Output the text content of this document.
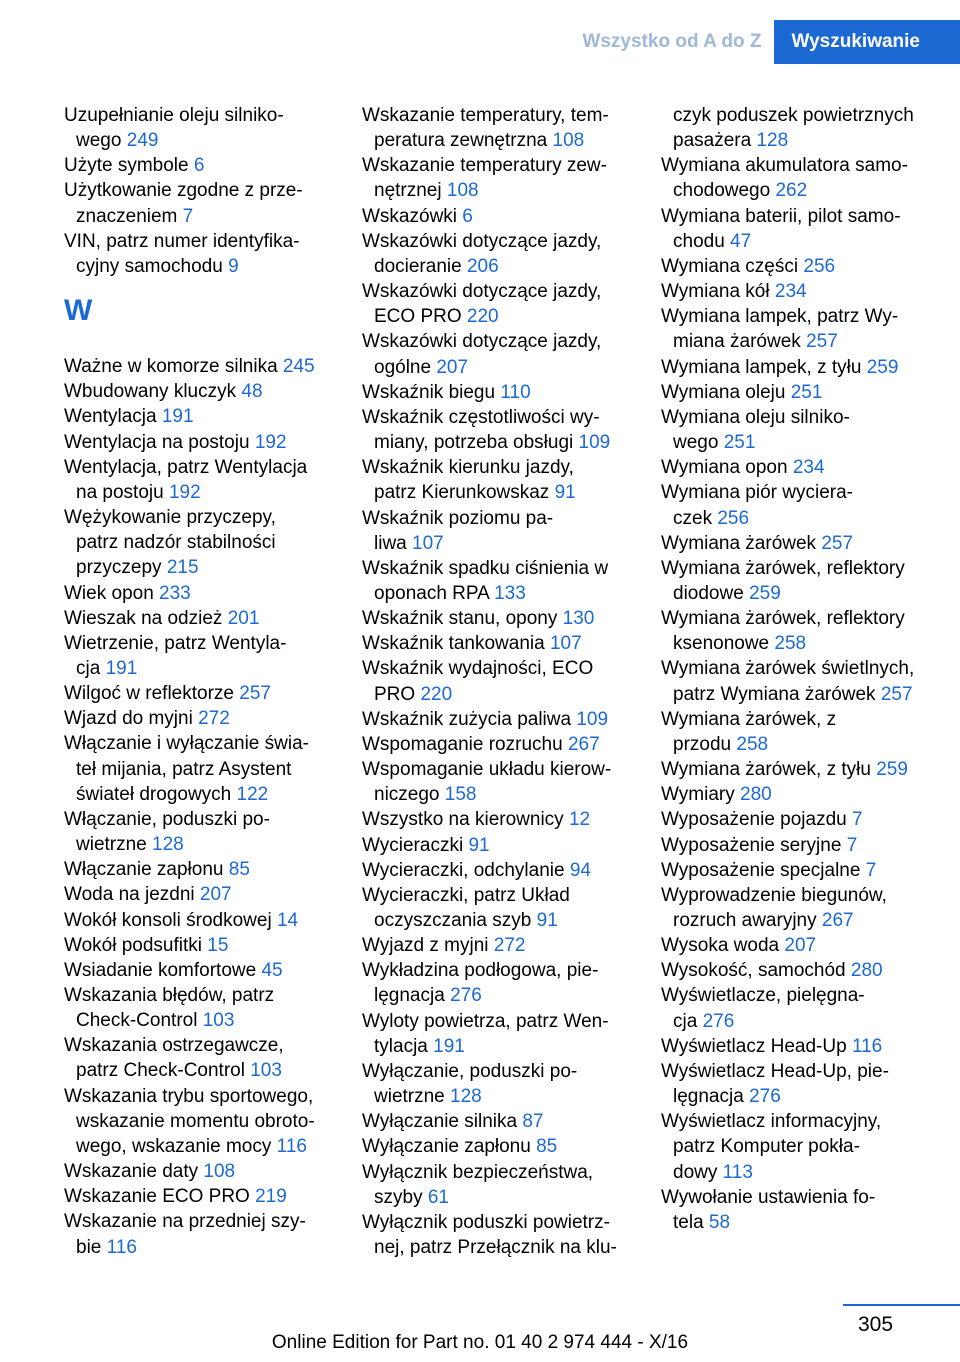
Wszystko od A do Z	Wyszukiwanie
Uzupełnianie oleju silniko-
wego 249
Użyte symbole 6
Użytkowanie zgodne z prze-
znaczeniem 7
VIN, patrz numer identyfika-
cyjny samochodu 9
W
Ważne w komorze silnika 245
Wbudowany kluczyk 48
Wentylacja 191
Wentylacja na postoju 192
Wentylacja, patrz Wentylacja
na postoju 192
Wężykowanie przyczepy,
patrz nadzór stabilności
przyczepy 215
Wiek opon 233
Wieszak na odzież 201
Wietrzenie, patrz Wentyla-
cja 191
Wilgoć w reflektorze 257
Wjazd do myjni 272
Włączanie i wyłączanie świa-
teł mijania, patrz Asystent
świateł drogowych 122
Włączanie, poduszki po-
wietrzne 128
Włączanie zapłonu 85
Woda na jezdni 207
Wokół konsoli środkowej 14
Wokół podsufitki 15
Wsiadanie komfortowe 45
Wskazania błędów, patrz
Check-Control 103
Wskazania ostrzegawcze,
patrz Check-Control 103
Wskazania trybu sportowego,
wskazanie momentu obroto-
wego, wskazanie mocy 116
Wskazanie daty 108
Wskazanie ECO PRO 219
Wskazanie na przedniej szy-
bie 116
Wskazanie temperatury, tem-
peratura zewnętrzna 108
Wskazanie temperatury zew-
nętrznej 108
Wskazówki 6
Wskazówki dotyczące jazdy,
docieranie 206
Wskazówki dotyczące jazdy,
ECO PRO 220
Wskazówki dotyczące jazdy,
ogólne 207
Wskaźnik biegu 110
Wskaźnik częstotliwości wy-
miany, potrzeba obsługi 109
Wskaźnik kierunku jazdy,
patrz Kierunkowskaz 91
Wskaźnik poziomu pa-
liwa 107
Wskaźnik spadku ciśnienia w
oponach RPA 133
Wskaźnik stanu, opony 130
Wskaźnik tankowania 107
Wskaźnik wydajności, ECO
PRO 220
Wskaźnik zużycia paliwa 109
Wspomaganie rozruchu 267
Wspomaganie układu kierow-
niczego 158
Wszystko na kierownicy 12
Wycieraczki 91
Wycieraczki, odchylanie 94
Wycieraczki, patrz Układ
oczyszczania szyb 91
Wyjazd z myjni 272
Wykładzina podłogowa, pie-
lęgnacja 276
Wyloty powietrza, patrz Wen-
tylacja 191
Wyłączanie, poduszki po-
wietrzne 128
Wyłączanie silnika 87
Wyłączanie zapłonu 85
Wyłącznik bezpieczeństwa,
szyby 61
Wyłącznik poduszki powietrz-
nej, patrz Przełącznik na klu-
czyk poduszek powietrznych
pasażera 128
Wymiana akumulatora samo-
chodowego 262
Wymiana baterii, pilot samo-
chodu 47
Wymiana części 256
Wymiana kół 234
Wymiana lampek, patrz Wy-
miana żarówek 257
Wymiana lampek, z tyłu 259
Wymiana oleju 251
Wymiana oleju silniko-
wego 251
Wymiana opon 234
Wymiana piór wyciera-
czek 256
Wymiana żarówek 257
Wymiana żarówek, reflektory
diodowe 259
Wymiana żarówek, reflektory
ksenonowe 258
Wymiana żarówek świetlnych,
patrz Wymiana żarówek 257
Wymiana żarówek, z
przodu 258
Wymiana żarówek, z tyłu 259
Wymiary 280
Wyposażenie pojazdu 7
Wyposażenie seryjne 7
Wyposażenie specjalne 7
Wyprowadzenie biegunów,
rozruch awaryjny 267
Wysoka woda 207
Wysokość, samochód 280
Wyświetlacze, pielęgna-
cja 276
Wyświetlacz Head-Up 116
Wyświetlacz Head-Up, pie-
lęgnacja 276
Wyświetlacz informacyjny,
patrz Komputer pokła-
dowy 113
Wywołanie ustawienia fo-
tela 58
305
Online Edition for Part no. 01 40 2 974 444 - X/16
